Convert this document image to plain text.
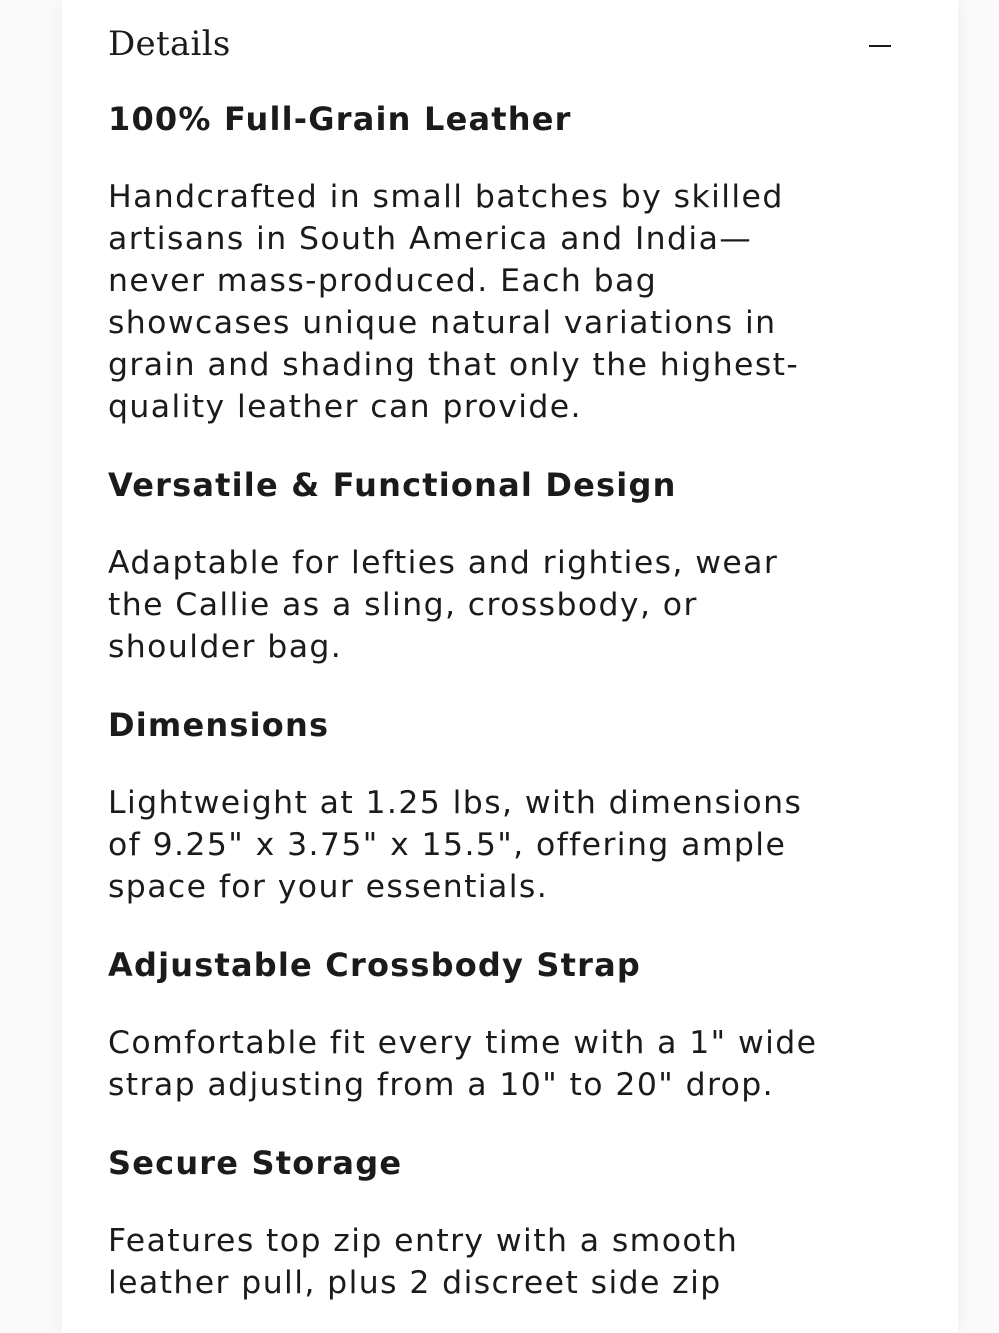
Details
100% Full-Grain Leather

Handcrafted in small batches by skilled
artisans in South America and India—
never mass-produced. Each bag
showcases unique natural variations in
grain and shading that only the highest-
quality leather can provide.

Versatile & Functional Design

Adaptable for lefties and righties, wear
the Callie as a sling, crossbody, or
shoulder bag.

Dimensions

Lightweight at 1.25 lbs, with dimensions
of 9.25" x 3.75" x 15.5", offering ample
space for your essentials.

Adjustable Crossbody Strap

Comfortable fit every time with a 1" wide
strap adjusting from a 10" to 20" drop.

Secure Storage

Features top zip entry with a smooth
leather pull, plus 2 discreet side zip
